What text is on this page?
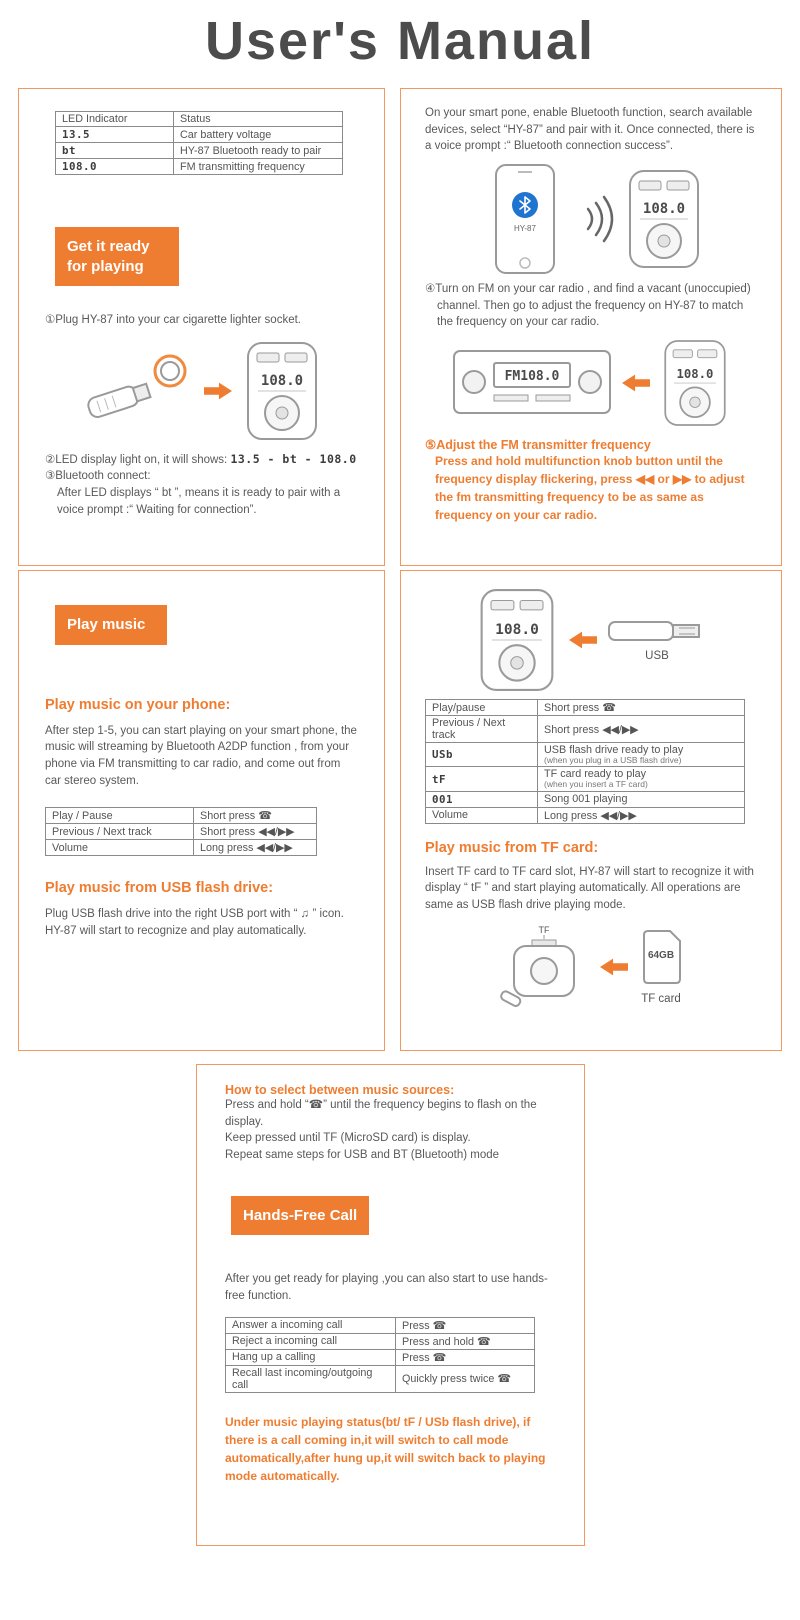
User's Manual
LED Indicator	Status
13.5	Car battery voltage
bt	HY-87 Bluetooth ready to pair
108.0	FM transmitting frequency
Get it ready for playing

①Plug HY-87 into your car cigarette lighter socket.

②LED display light on, it will shows: 13.5 - bt - 108.0

③Bluetooth connect:

After LED displays “ bt ”, means it is ready to pair with a voice prompt :“ Waiting for connection”.

On your smart pone, enable Bluetooth function, search available devices, select “HY-87” and pair with it. Once connected, there is a voice prompt :“ Bluetooth connection success”.

HY-87

④Turn on FM on your car radio , and find a vacant (unoccupied) channel. Then go to adjust the frequency on HY-87 to match the frequency on your car radio.

FM108.0

⑤Adjust the FM transmitter frequency

Press and hold multifunction knob button until the frequency display flickering, press ◀◀ or ▶▶ to adjust the fm transmitting frequency to be as same as frequency on your car radio.

Play music

Play music on your phone:

After step 1-5, you can start playing on your smart phone, the music will streaming by Bluetooth A2DP function , from your phone via FM transmitting to car radio, and come out from car stereo system.

Play / Pause	Short press ☎
Previous / Next track	Short press ◀◀/▶▶
Volume	Long press ◀◀/▶▶

Play music from USB flash drive:

Plug USB flash drive into the right USB port with “ ♫ ” icon. HY-87 will start to recognize and play automatically.

USB
Play/pause	Short press ☎
Previous / Next track	Short press ◀◀/▶▶
USb	USB flash drive ready to play
(when you plug in a USB flash drive)

tF	TF card ready to play
(when you insert a TF card)

001	Song 001 playing
Volume	Long press ◀◀/▶▶

Play music from TF card:

Insert TF card to TF card slot, HY-87 will start to recognize it with display “ tF ” and start playing automatically. All operations are same as USB flash drive playing mode.

TF
64GB
TF card

How to select between music sources:

Press and hold “☎” until the frequency begins to flash on the display.

Keep pressed until TF (MicroSD card) is display.

Repeat same steps for USB and BT (Bluetooth) mode

Hands-Free Call

After you get ready for playing ,you can also start to use hands-free function.

Answer a incoming call	Press ☎
Reject a incoming call	Press and hold ☎
Hang up a calling	Press ☎
Recall last incoming/outgoing call	Quickly press twice ☎

Under music playing status(bt/ tF / USb flash drive), if there is a call coming in,it will switch to call mode automatically,after hung up,it will switch back to playing mode automatically.
